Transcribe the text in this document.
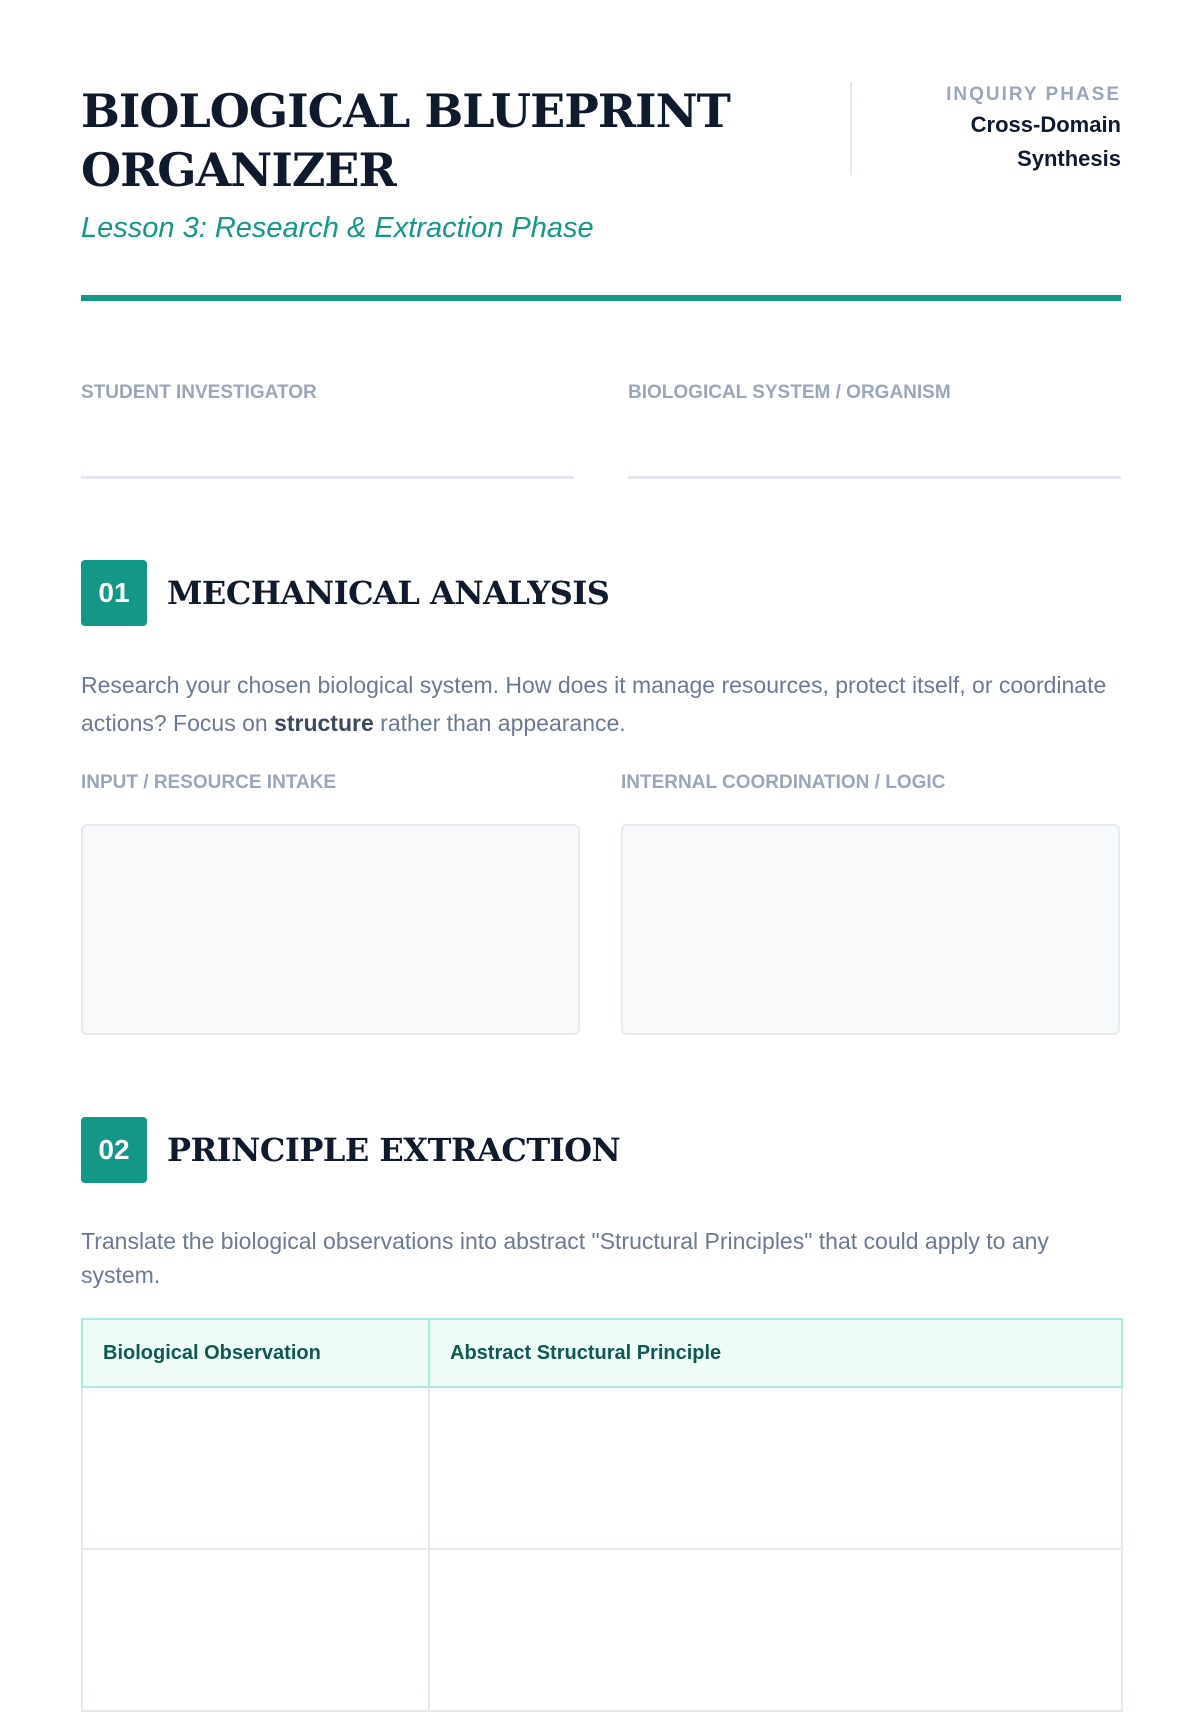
BIOLOGICAL BLUEPRINT ORGANIZER

Lesson 3: Research & Extraction Phase

INQUIRY PHASE
Cross-Domain
Synthesis
STUDENT INVESTIGATOR	BIOLOGICAL SYSTEM / ORGANISM
01	MECHANICAL ANALYSIS

Research your chosen biological system. How does it manage resources, protect itself, or coordinate actions? Focus on structure rather than appearance.

INPUT / RESOURCE INTAKE	INTERNAL COORDINATION / LOGIC
02	PRINCIPLE EXTRACTION

Translate the biological observations into abstract "Structural Principles" that could apply to any system.

Biological Observation	Abstract Structural Principle
